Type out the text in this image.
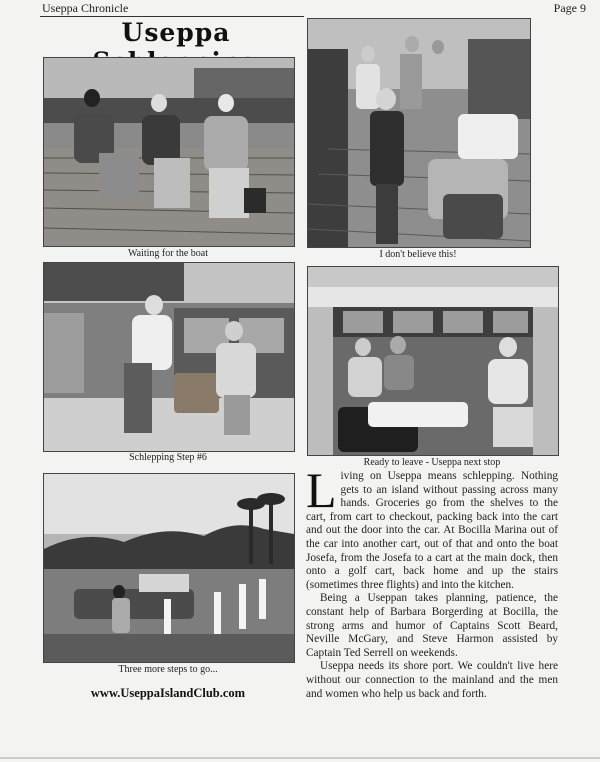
Useppa Chronicle	Page 9
Useppa
Waiting for the boat	I don't believe this!
Schlepping Step #6	Ready to leave - Useppa next stop
Three more steps to go...

Living on Useppa means schlepping. Nothing gets to an island without passing across many hands. Groceries go from the shelves to the cart, from cart to checkout, packing back into the cart and out the door into the car. At Bocilla Marina out of the car into another cart, out of that and onto the boat Josefa, from the Josefa to a cart at the main dock, then onto a golf cart, back home and up the stairs (sometimes three flights) and into the kitchen.

Being a Useppan takes planning, patience, the constant help of Barbara Borgerding at Bocilla, the strong arms and humor of Captains Scott Beard, Neville McGary, and Steve Harmon assisted by Captain Ted Serrell on weekends.

Useppa needs its shore port. We couldn't live here without our connection to the mainland and the men and women who help us back and forth.

www.UseppaIslandClub.com
